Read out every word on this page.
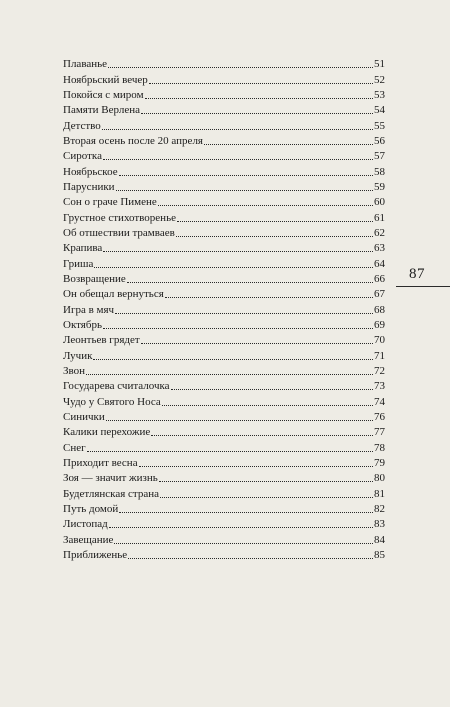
Плаванье	51
Ноябрьский вечер	52
Покойся с миром	53
Памяти Верлена	54
Детство	55
Вторая осень после 20 апреля	56
Сиротка	57
Ноябрьское	58
Парусники	59
Сон о граче Пимене	60
Грустное стихотворенье	61
Об отшествии трамваев	62
Крапива	63
Гриша	64
Возвращение	66
Он обещал вернуться	67
Игра в мяч	68
Октябрь	69
Леонтьев грядет	70
Лучик	71
Звон	72
Государева считалочка	73
Чудо у Святого Носа	74
Синички	76
Калики перехожие	77
Снег	78
Приходит весна	79
Зоя — значит жизнь	80
Будетлянская страна	81
Путь домой	82
Листопад	83
Завещание	84
Приближенье	85
87
